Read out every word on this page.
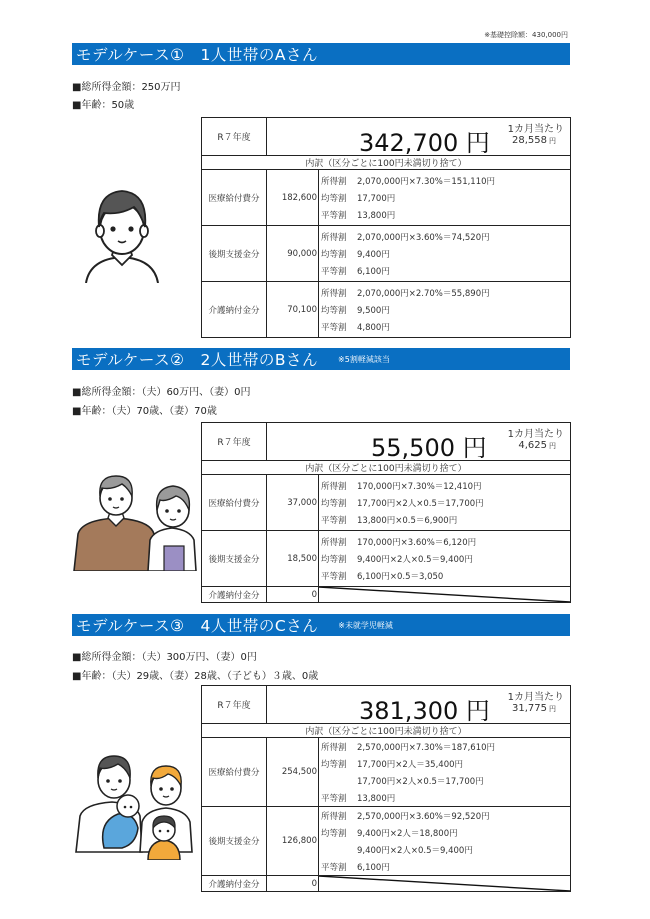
※基礎控除額：430,000円
モデルケース①　1人世帯のAさん
■総所得金額：250万円
■年齢：50歳
R７年度	342,700 円 1カ月当たり
28,558 円	

内訳（区分ごとに100円未満切り捨て）		
医療給付費分	182,600	
所得割	2,070,000円×7.30%＝151,110円
均等割	17,700円
平等割	13,800円

後期支援金分	90,000	
所得割	2,070,000円×3.60%＝74,520円
均等割	9,400円
平等割	6,100円

介護納付金分	70,100	
所得割	2,070,000円×2.70%＝55,890円
均等割	9,500円
平等割	4,800円
モデルケース②　2人世帯のBさん	※5割軽減該当
■総所得金額：（夫）60万円、（妻）0円
■年齢：（夫）70歳、（妻）70歳
R７年度	55,500 円 1カ月当たり
4,625 円	

内訳（区分ごとに100円未満切り捨て）		
医療給付費分	37,000	
所得割	170,000円×7.30%＝12,410円
均等割	17,700円×2人×0.5＝17,700円
平等割	13,800円×0.5＝6,900円

後期支援金分	18,500	
所得割	170,000円×3.60%＝6,120円
均等割	9,400円×2人×0.5＝9,400円
平等割	6,100円×0.5＝3,050

介護納付金分	0	
モデルケース③　4人世帯のCさん	※未就学児軽減
■総所得金額：（夫）300万円、（妻）0円
■年齢：（夫）29歳、（妻）28歳、（子ども）３歳、0歳
R７年度	381,300 円 1カ月当たり
31,775 円	

内訳（区分ごとに100円未満切り捨て）		
医療給付費分	254,500	
所得割	2,570,000円×7.30%＝187,610円
均等割	17,700円×2人＝35,400円
17,700円×2人×0.5＝17,700円
平等割	13,800円

後期支援金分	126,800	
所得割	2,570,000円×3.60%＝92,520円
均等割	9,400円×2人＝18,800円
9,400円×2人×0.5＝9,400円
平等割	6,100円

介護納付金分	0	
